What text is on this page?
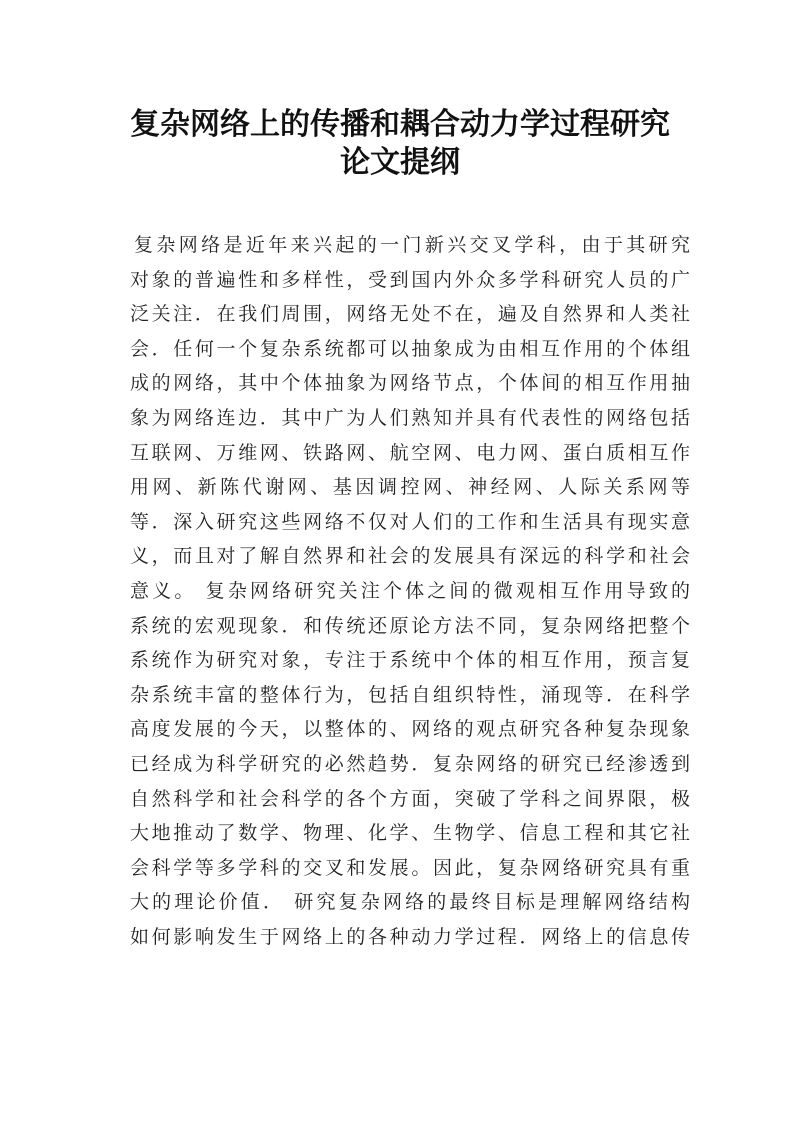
复杂网络上的传播和耦合动力学过程研究
论文提纲
复杂网络是近年来兴起的一门新兴交叉学科，由于其研究
对象的普遍性和多样性，受到国内外众多学科研究人员的广
泛关注．在我们周围，网络无处不在，遍及自然界和人类社
会．任何一个复杂系统都可以抽象成为由相互作用的个体组
成的网络，其中个体抽象为网络节点，个体间的相互作用抽
象为网络连边．其中广为人们熟知并具有代表性的网络包括
互联网、万维网、铁路网、航空网、电力网、蛋白质相互作
用网、新陈代谢网、基因调控网、神经网、人际关系网等
等．深入研究这些网络不仅对人们的工作和生活具有现实意
义，而且对了解自然界和社会的发展具有深远的科学和社会
意义。 复杂网络研究关注个体之间的微观相互作用导致的
系统的宏观现象．和传统还原论方法不同，复杂网络把整个
系统作为研究对象，专注于系统中个体的相互作用，预言复
杂系统丰富的整体行为，包括自组织特性，涌现等．在科学
高度发展的今天，以整体的、网络的观点研究各种复杂现象
已经成为科学研究的必然趋势．复杂网络的研究已经渗透到
自然科学和社会科学的各个方面，突破了学科之间界限，极
大地推动了数学、物理、化学、生物学、信息工程和其它社
会科学等多学科的交叉和发展。因此，复杂网络研究具有重
大的理论价值． 研究复杂网络的最终目标是理解网络结构
如何影响发生于网络上的各种动力学过程．网络上的信息传
